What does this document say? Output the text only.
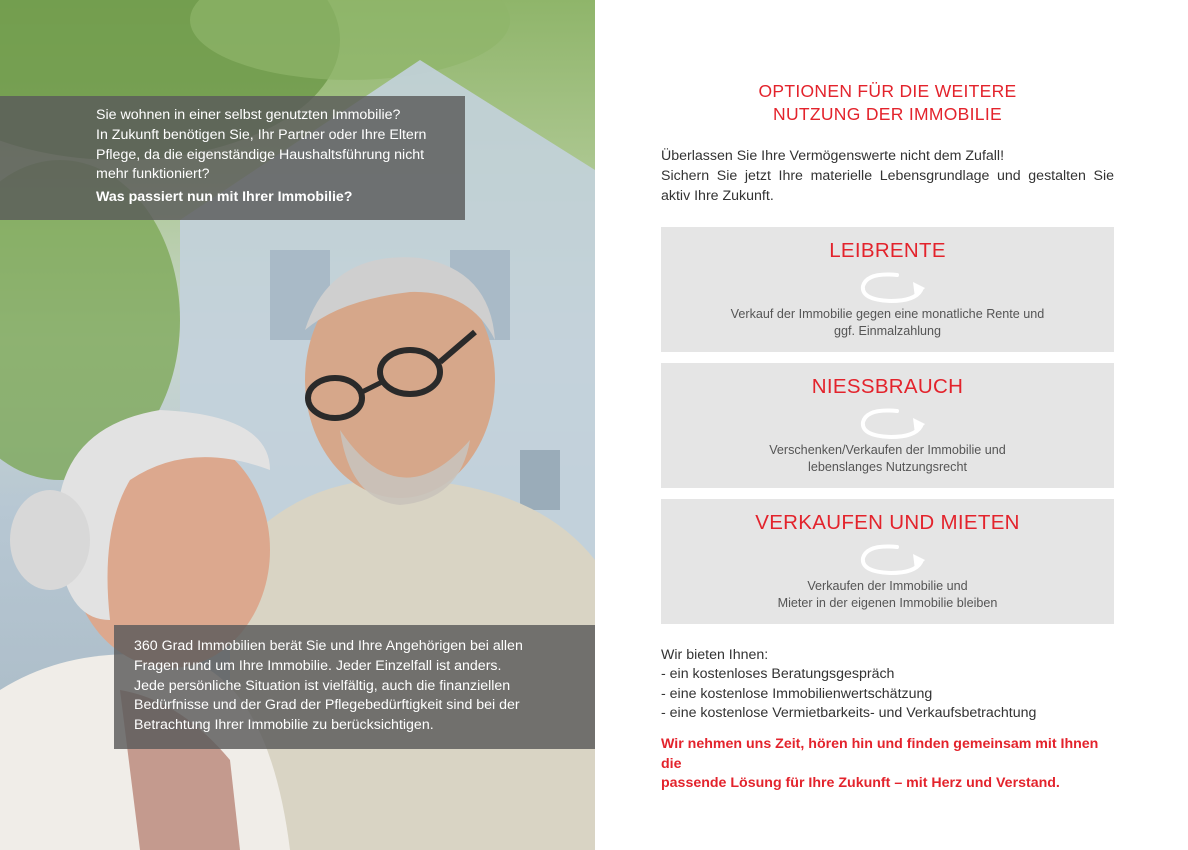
Sie wohnen in einer selbst genutzten Immobilie?
In Zukunft benötigen Sie, Ihr Partner oder Ihre Eltern
Pflege, da die eigenständige Haushaltsführung nicht
mehr funktioniert?
Was passiert nun mit Ihrer Immobilie?
360 Grad Immobilien berät Sie und Ihre Angehörigen bei allen
Fragen rund um Ihre Immobilie. Jeder Einzelfall ist anders.
Jede persönliche Situation ist vielfältig, auch die finanziellen
Bedürfnisse und der Grad der Pflegebedürftigkeit sind bei der
Betrachtung Ihrer Immobilie zu berücksichtigen.
OPTIONEN FÜR DIE WEITERE
NUTZUNG DER IMMOBILIE
Überlassen Sie Ihre Vermögenswerte nicht dem Zufall!
Sichern Sie jetzt Ihre materielle Lebensgrundlage und gestalten Sie
aktiv Ihre Zukunft.
LEIBRENTE
Verkauf der Immobilie gegen eine monatliche Rente und
ggf. Einmalzahlung
NIESSBRAUCH
Verschenken/Verkaufen der Immobilie und
lebenslanges Nutzungsrecht
VERKAUFEN UND MIETEN
Verkaufen der Immobilie und
Mieter in der eigenen Immobilie bleiben
Wir bieten Ihnen:
- ein kostenloses Beratungsgespräch
- eine kostenlose Immobilienwertschätzung
- eine kostenlose Vermietbarkeits- und Verkaufsbetrachtung
Wir nehmen uns Zeit, hören hin und finden gemeinsam mit Ihnen die
passende Lösung für Ihre Zukunft – mit Herz und Verstand.
